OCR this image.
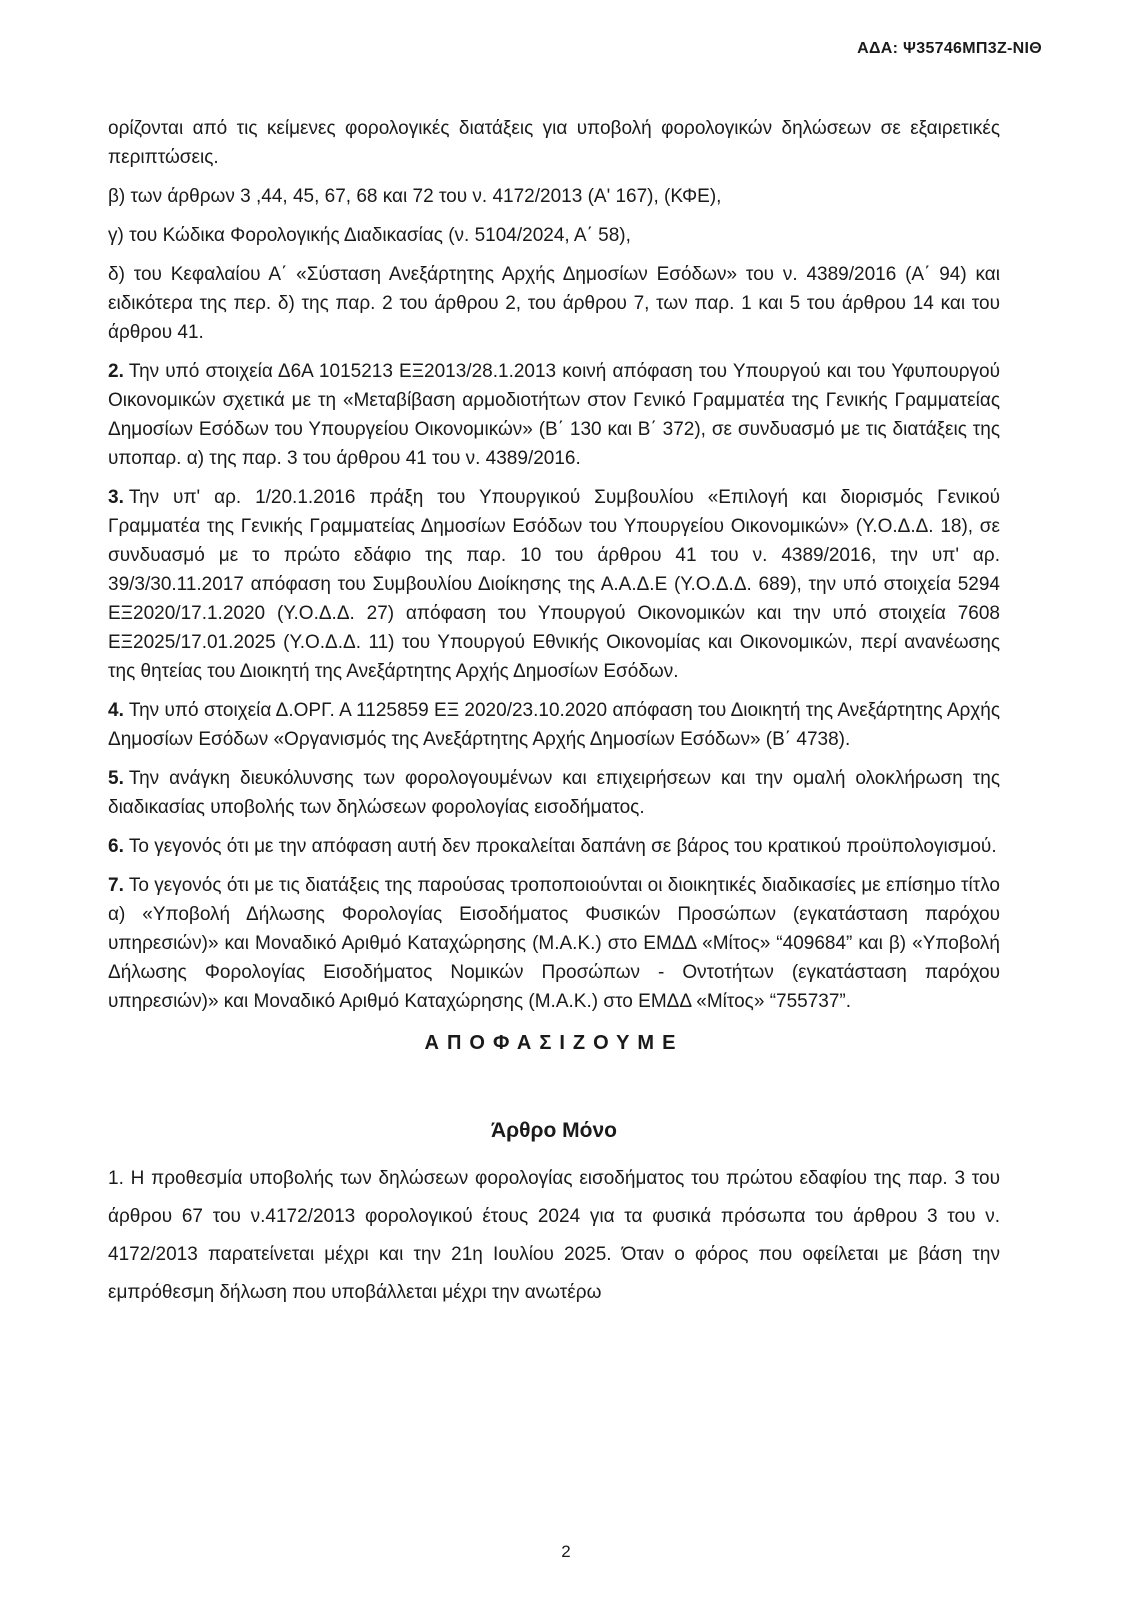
ΑΔΑ: Ψ35746ΜΠ3Ζ-ΝΙΘ

ορίζονται από τις κείμενες φορολογικές διατάξεις για υποβολή φορολογικών δηλώσεων σε εξαιρετικές περιπτώσεις.

β) των άρθρων 3 ,44, 45, 67, 68 και 72 του ν. 4172/2013 (Α' 167), (ΚΦΕ),

γ) του Κώδικα Φορολογικής Διαδικασίας (ν. 5104/2024, Α΄ 58),

δ) του Κεφαλαίου Α΄ «Σύσταση Ανεξάρτητης Αρχής Δημοσίων Εσόδων» του ν. 4389/2016 (Α΄ 94) και ειδικότερα της περ. δ) της παρ. 2 του άρθρου 2, του άρθρου 7, των παρ. 1 και 5 του άρθρου 14 και του άρθρου 41.

2. Την υπό στοιχεία Δ6Α 1015213 ΕΞ2013/28.1.2013 κοινή απόφαση του Υπουργού και του Υφυπουργού Οικονομικών σχετικά με τη «Μεταβίβαση αρμοδιοτήτων στον Γενικό Γραμματέα της Γενικής Γραμματείας Δημοσίων Εσόδων του Υπουργείου Οικονομικών» (Β΄ 130 και Β΄ 372), σε συνδυασμό με τις διατάξεις της υποπαρ. α) της παρ. 3 του άρθρου 41 του ν. 4389/2016.

3. Την υπ' αρ. 1/20.1.2016 πράξη του Υπουργικού Συμβουλίου «Επιλογή και διορισμός Γενικού Γραμματέα της Γενικής Γραμματείας Δημοσίων Εσόδων του Υπουργείου Οικονομικών» (Υ.Ο.Δ.Δ. 18), σε συνδυασμό με το πρώτο εδάφιο της παρ. 10 του άρθρου 41 του ν. 4389/2016, την υπ' αρ. 39/3/30.11.2017 απόφαση του Συμβουλίου Διοίκησης της Α.Α.Δ.Ε (Υ.Ο.Δ.Δ. 689), την υπό στοιχεία 5294 ΕΞ2020/17.1.2020 (Υ.Ο.Δ.Δ. 27) απόφαση του Υπουργού Οικονομικών και την υπό στοιχεία 7608 ΕΞ2025/17.01.2025 (Υ.Ο.Δ.Δ. 11) του Υπουργού Εθνικής Οικονομίας και Οικονομικών, περί ανανέωσης της θητείας του Διοικητή της Ανεξάρτητης Αρχής Δημοσίων Εσόδων.

4. Την υπό στοιχεία Δ.ΟΡΓ. Α 1125859 ΕΞ 2020/23.10.2020 απόφαση του Διοικητή της Ανεξάρτητης Αρχής Δημοσίων Εσόδων «Οργανισμός της Ανεξάρτητης Αρχής Δημοσίων Εσόδων» (Β΄ 4738).

5. Την ανάγκη διευκόλυνσης των φορολογουμένων και επιχειρήσεων και την ομαλή ολοκλήρωση της διαδικασίας υποβολής των δηλώσεων φορολογίας εισοδήματος.

6. Το γεγονός ότι με την απόφαση αυτή δεν προκαλείται δαπάνη σε βάρος του κρατικού προϋπολογισμού.

7. Το γεγονός ότι με τις διατάξεις της παρούσας τροποποιούνται οι διοικητικές διαδικασίες με επίσημο τίτλο α) «Υποβολή Δήλωσης Φορολογίας Εισοδήματος Φυσικών Προσώπων (εγκατάσταση παρόχου υπηρεσιών)» και Μοναδικό Αριθμό Καταχώρησης (Μ.Α.Κ.) στο ΕΜΔΔ «Μίτος» “409684” και β) «Υποβολή Δήλωσης Φορολογίας Εισοδήματος Νομικών Προσώπων - Οντοτήτων (εγκατάσταση παρόχου υπηρεσιών)» και Μοναδικό Αριθμό Καταχώρησης (Μ.Α.Κ.) στο ΕΜΔΔ «Μίτος» “755737”.

ΑΠΟΦΑΣΙΖΟΥΜΕ
Άρθρο Μόνο

1. Η προθεσμία υποβολής των δηλώσεων φορολογίας εισοδήματος του πρώτου εδαφίου της παρ. 3 του άρθρου 67 του ν.4172/2013 φορολογικού έτους 2024 για τα φυσικά πρόσωπα του άρθρου 3 του ν. 4172/2013 παρατείνεται μέχρι και την 21η Ιουλίου 2025. Όταν ο φόρος που οφείλεται με βάση την εμπρόθεσμη δήλωση που υποβάλλεται μέχρι την ανωτέρω

2
